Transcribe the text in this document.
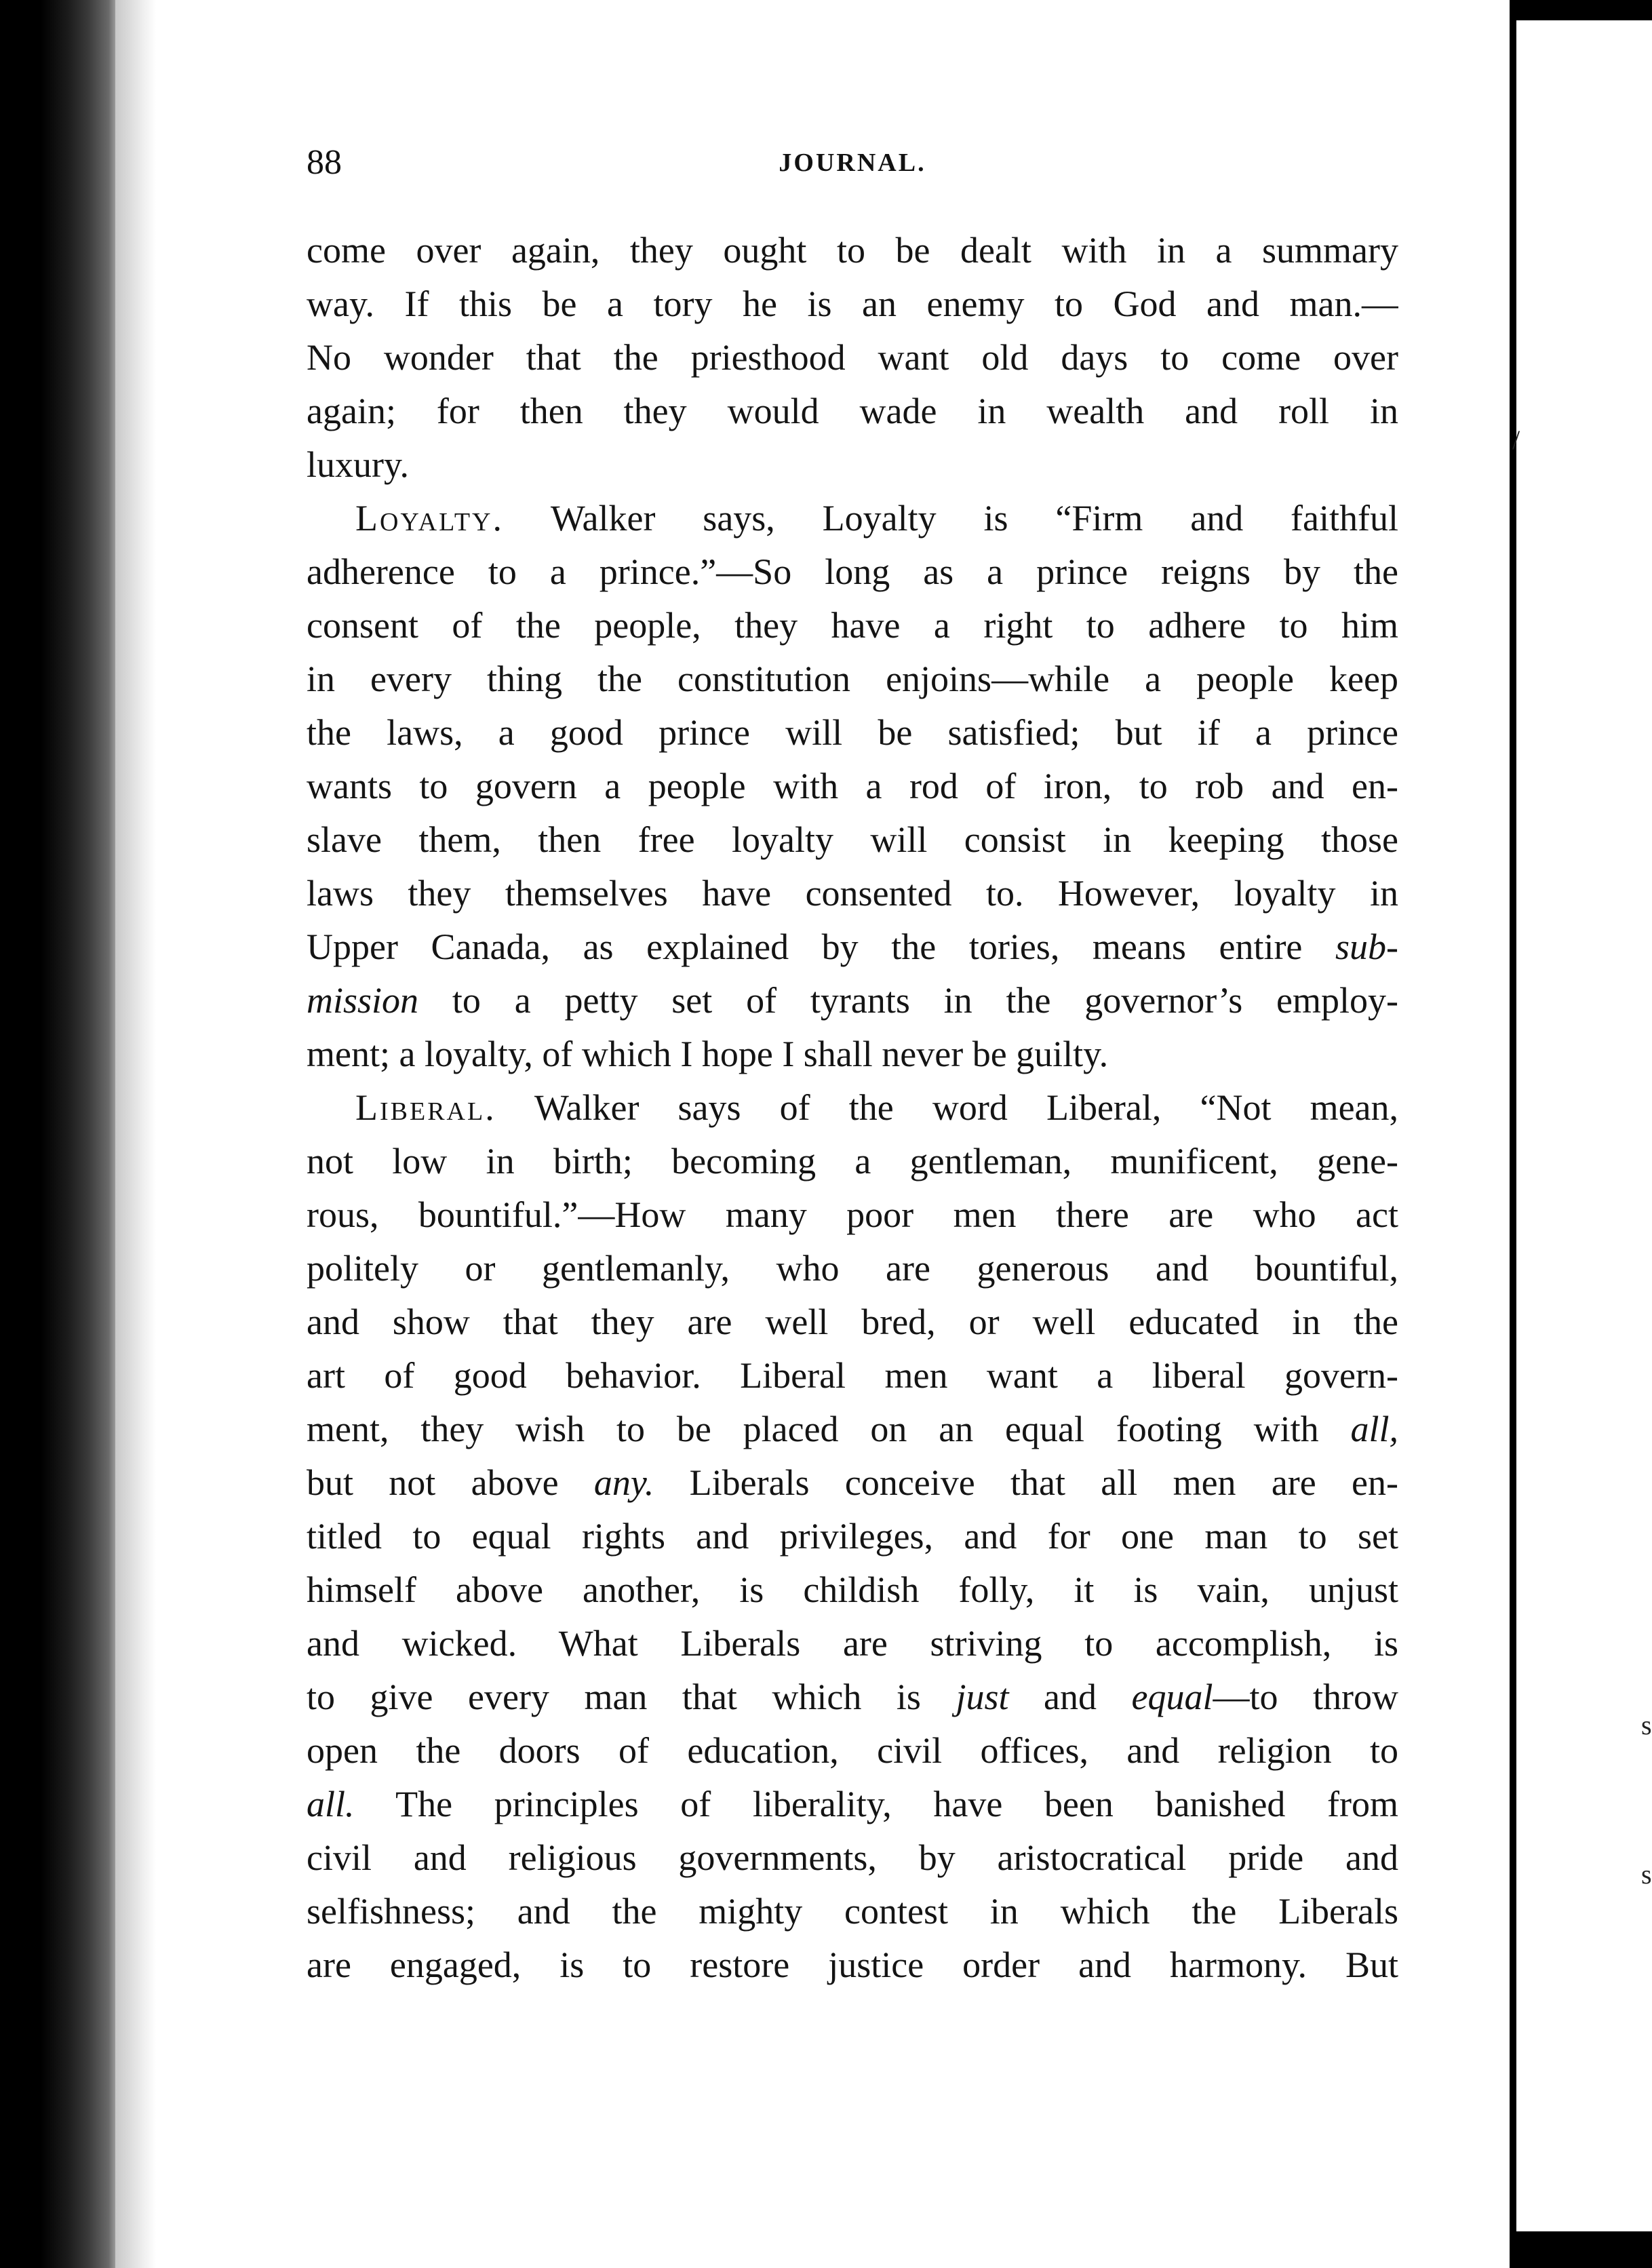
88	JOURNAL.
come over again, they ought to be dealt with in a summary
way. If this be a tory he is an enemy to God and man.—
No wonder that the priesthood want old days to come over
again; for then they would wade in wealth and roll in
luxury.
Loyalty. Walker says, Loyalty is “Firm and faithful
adherence to a prince.”—So long as a prince reigns by the
consent of the people, they have a right to adhere to him
in every thing the constitution enjoins—while a people keep
the laws, a good prince will be satisfied; but if a prince
wants to govern a people with a rod of iron, to rob and en-
slave them, then free loyalty will consist in keeping those
laws they themselves have consented to. However, loyalty in
Upper Canada, as explained by the tories, means entire sub-
mission to a petty set of tyrants in the governor’s employ-
ment; a loyalty, of which I hope I shall never be guilty.
Liberal. Walker says of the word Liberal, “Not mean,
not low in birth; becoming a gentleman, munificent, gene-
rous, bountiful.”—How many poor men there are who act
politely or gentlemanly, who are generous and bountiful,
and show that they are well bred, or well educated in the
art of good behavior. Liberal men want a liberal govern-
ment, they wish to be placed on an equal footing with all,
but not above any. Liberals conceive that all men are en-
titled to equal rights and privileges, and for one man to set
himself above another, is childish folly, it is vain, unjust
and wicked. What Liberals are striving to accomplish, is
to give every man that which is just and equal—to throw
open the doors of education, civil offices, and religion to
all. The principles of liberality, have been banished from
civil and religious governments, by aristocratical pride and
selfishness; and the mighty contest in which the Liberals
are engaged, is to restore justice order and harmony. But
/
s
s
